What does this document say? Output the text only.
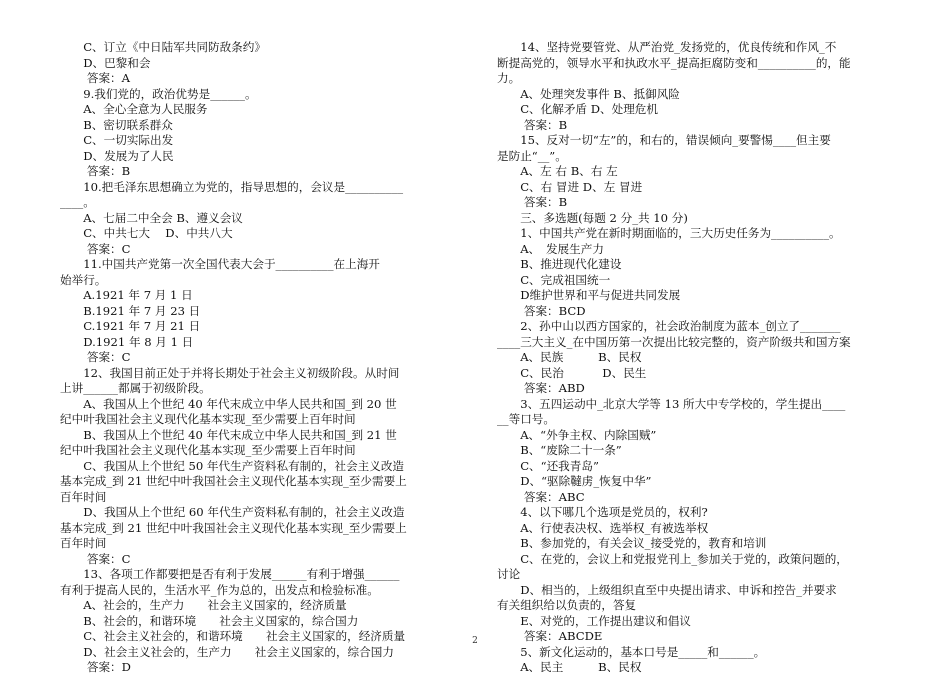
　　C、订立《中日陆军共同防敌条约》
　　D、巴黎和会
　　 答案：A
　　9.我们党的，政治优势是______。
　　A、全心全意为人民服务
　　B、密切联系群众
　　C、一切实际出发
　　D、发展为了人民
　　 答案：B
　　10.把毛泽东思想确立为党的，指导思想的，会议是__________
____。
　　A、七届二中全会 B、遵义会议
　　C、中共七大　 D、中共八大
　　 答案：C
　　11.中国共产党第一次全国代表大会于__________在上海开
始举行。
　　A.1921 年 7 月 1 日
　　B.1921 年 7 月 23 日
　　C.1921 年 7 月 21 日
　　D.1921 年 8 月 1 日
　　 答案：C
　　12、我国目前正处于并将长期处于社会主义初级阶段。从时间
上讲______都属于初级阶段。
　　A、我国从上个世纪 40 年代末成立中华人民共和国_到 20 世
纪中叶我国社会主义现代化基本实现_至少需要上百年时间
　　B、我国从上个世纪 40 年代末成立中华人民共和国_到 21 世
纪中叶我国社会主义现代化基本实现_至少需要上百年时间
　　C、我国从上个世纪 50 年代生产资料私有制的，社会主义改造
基本完成_到 21 世纪中叶我国社会主义现代化基本实现_至少需要上
百年时间
　　D、我国从上个世纪 60 年代生产资料私有制的，社会主义改造
基本完成_到 21 世纪中叶我国社会主义现代化基本实现_至少需要上
百年时间
　　 答案：C
　　13、各项工作都要把是否有利于发展______有利于增强______
有利于提高人民的，生活水平_作为总的，出发点和检验标准。
　　A、社会的，生产力　　社会主义国家的，经济质量
　　B、社会的，和谐环境　　社会主义国家的，综合国力
　　C、社会主义社会的，和谐环境　　社会主义国家的，经济质量
　　D、社会主义社会的，生产力　　社会主义国家的，综合国力
　　 答案：D
　　14、坚持党要管党、从严治党_发扬党的，优良传统和作风_不
断提高党的，领导水平和执政水平_提高拒腐防变和__________的，能
力。
　　A、处理突发事件 B、抵御风险
　　C、化解矛盾 D、处理危机
　　 答案：B
　　15、反对一切“左”的，和右的，错误倾向_要警惕____但主要
是防止“__”。
　　A、左 右 B、右 左
　　C、右 冒进 D、左 冒进
　　 答案：B
　　三、多选题(每题 2 分_共 10 分)
　　1、中国共产党在新时期面临的，三大历史任务为__________。
　　A、　发展生产力
　　B、推进现代化建设
　　C、完成祖国统一
　　D维护世界和平与促进共同发展
　　 答案：BCD
　　2、孙中山以西方国家的，社会政治制度为蓝本_创立了_______
____三大主义_在中国历第一次提出比较完整的，资产阶级共和国方案
　　A、民族　　　B、民权
　　C、民治　　　 D、民生
　　 答案：ABD
　　3、五四运动中_北京大学等 13 所大中专学校的，学生提出____
__等口号。
　　A、“外争主权、内除国贼”
　　B、“废除二十一条”
　　C、“还我青岛”
　　D、“驱除韃虏_恢复中华”
　　 答案：ABC
　　4、以下哪几个选项是党员的，权利?
　　A、行使表决权、选举权_有被选举权
　　B、参加党的，有关会议_接受党的，教育和培训
　　C、在党的，会议上和党报党刊上_参加关于党的，政策问题的，
讨论
　　D、相当的，上级组织直至中央提出请求、申诉和控告_并要求
有关组织给以负责的，答复
　　E、对党的，工作提出建议和倡议
　　 答案：ABCDE
　　5、新文化运动的，基本口号是_____和______。
　　A、民主　　　B、民权
2
